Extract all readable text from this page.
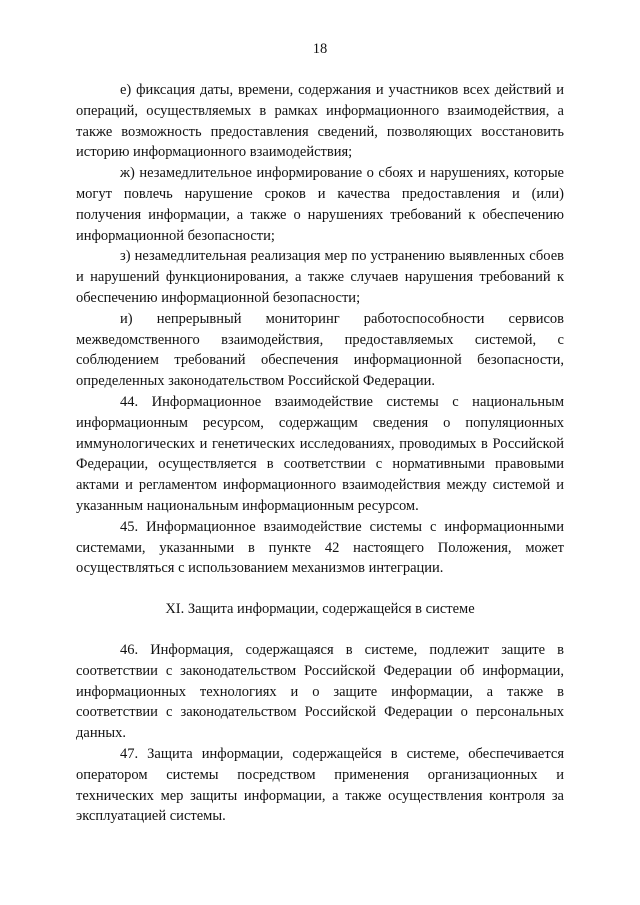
18

е) фиксация даты, времени, содержания и участников всех действий и операций, осуществляемых в рамках информационного взаимодействия, а также возможность предоставления сведений, позволяющих восстановить историю информационного взаимодействия;

ж) незамедлительное информирование о сбоях и нарушениях, которые могут повлечь нарушение сроков и качества предоставления и (или) получения информации, а также о нарушениях требований к обеспечению информационной безопасности;

з) незамедлительная реализация мер по устранению выявленных сбоев и нарушений функционирования, а также случаев нарушения требований к обеспечению информационной безопасности;

и) непрерывный мониторинг работоспособности сервисов межведомственного взаимодействия, предоставляемых системой, с соблюдением требований обеспечения информационной безопасности, определенных законодательством Российской Федерации.

44. Информационное взаимодействие системы с национальным информационным ресурсом, содержащим сведения о популяционных иммунологических и генетических исследованиях, проводимых в Российской Федерации, осуществляется в соответствии с нормативными правовыми актами и регламентом информационного взаимодействия между системой и указанным национальным информационным ресурсом.

45. Информационное взаимодействие системы с информационными системами, указанными в пункте 42 настоящего Положения, может осуществляться с использованием механизмов интеграции.

XI. Защита информации, содержащейся в системе

46. Информация, содержащаяся в системе, подлежит защите в соответствии с законодательством Российской Федерации об информации, информационных технологиях и о защите информации, а также в соответствии с законодательством Российской Федерации о персональных данных.

47. Защита информации, содержащейся в системе, обеспечивается оператором системы посредством применения организационных и технических мер защиты информации, а также осуществления контроля за эксплуатацией системы.
